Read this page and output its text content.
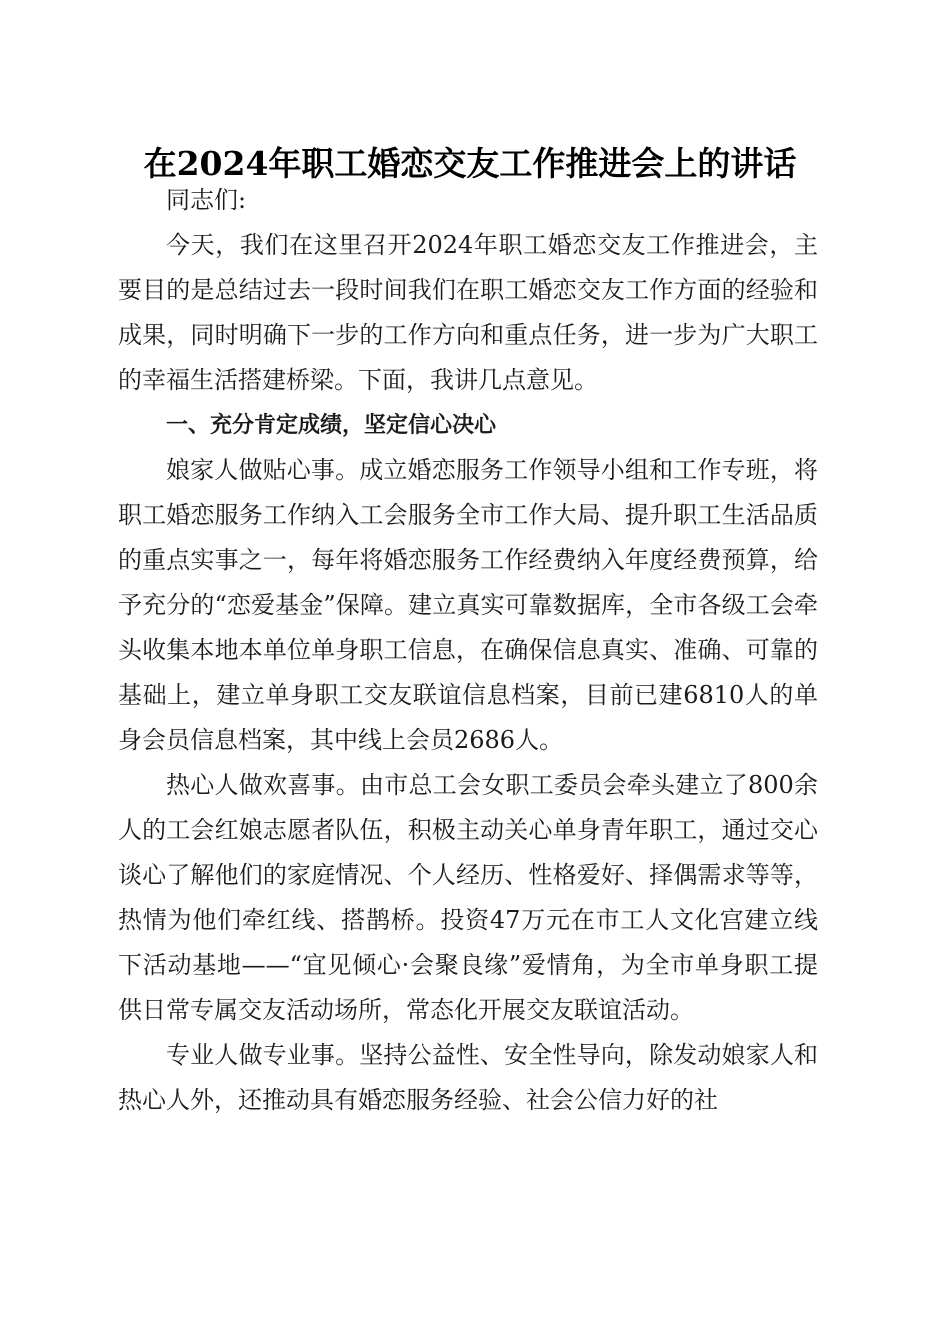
在2024年职工婚恋交友工作推进会上的讲话

同志们:

今天，我们在这里召开2024年职工婚恋交友工作推进会，主要目的是总结过去一段时间我们在职工婚恋交友工作方面的经验和成果，同时明确下一步的工作方向和重点任务，进一步为广大职工的幸福生活搭建桥梁。下面，我讲几点意见。

一、充分肯定成绩，坚定信心决心

娘家人做贴心事。成立婚恋服务工作领导小组和工作专班，将职工婚恋服务工作纳入工会服务全市工作大局、提升职工生活品质的重点实事之一，每年将婚恋服务工作经费纳入年度经费预算，给予充分的“恋爱基金”保障。建立真实可靠数据库，全市各级工会牵头收集本地本单位单身职工信息，在确保信息真实、准确、可靠的基础上，建立单身职工交友联谊信息档案，目前已建6810人的单身会员信息档案，其中线上会员2686人。

热心人做欢喜事。由市总工会女职工委员会牵头建立了800余人的工会红娘志愿者队伍，积极主动关心单身青年职工，通过交心谈心了解他们的家庭情况、个人经历、性格爱好、择偶需求等等，热情为他们牵红线、搭鹊桥。投资47万元在市工人文化宫建立线下活动基地——“宜见倾心·会聚良缘”爱情角，为全市单身职工提供日常专属交友活动场所，常态化开展交友联谊活动。

专业人做专业事。坚持公益性、安全性导向，除发动娘家人和热心人外，还推动具有婚恋服务经验、社会公信力好的社
